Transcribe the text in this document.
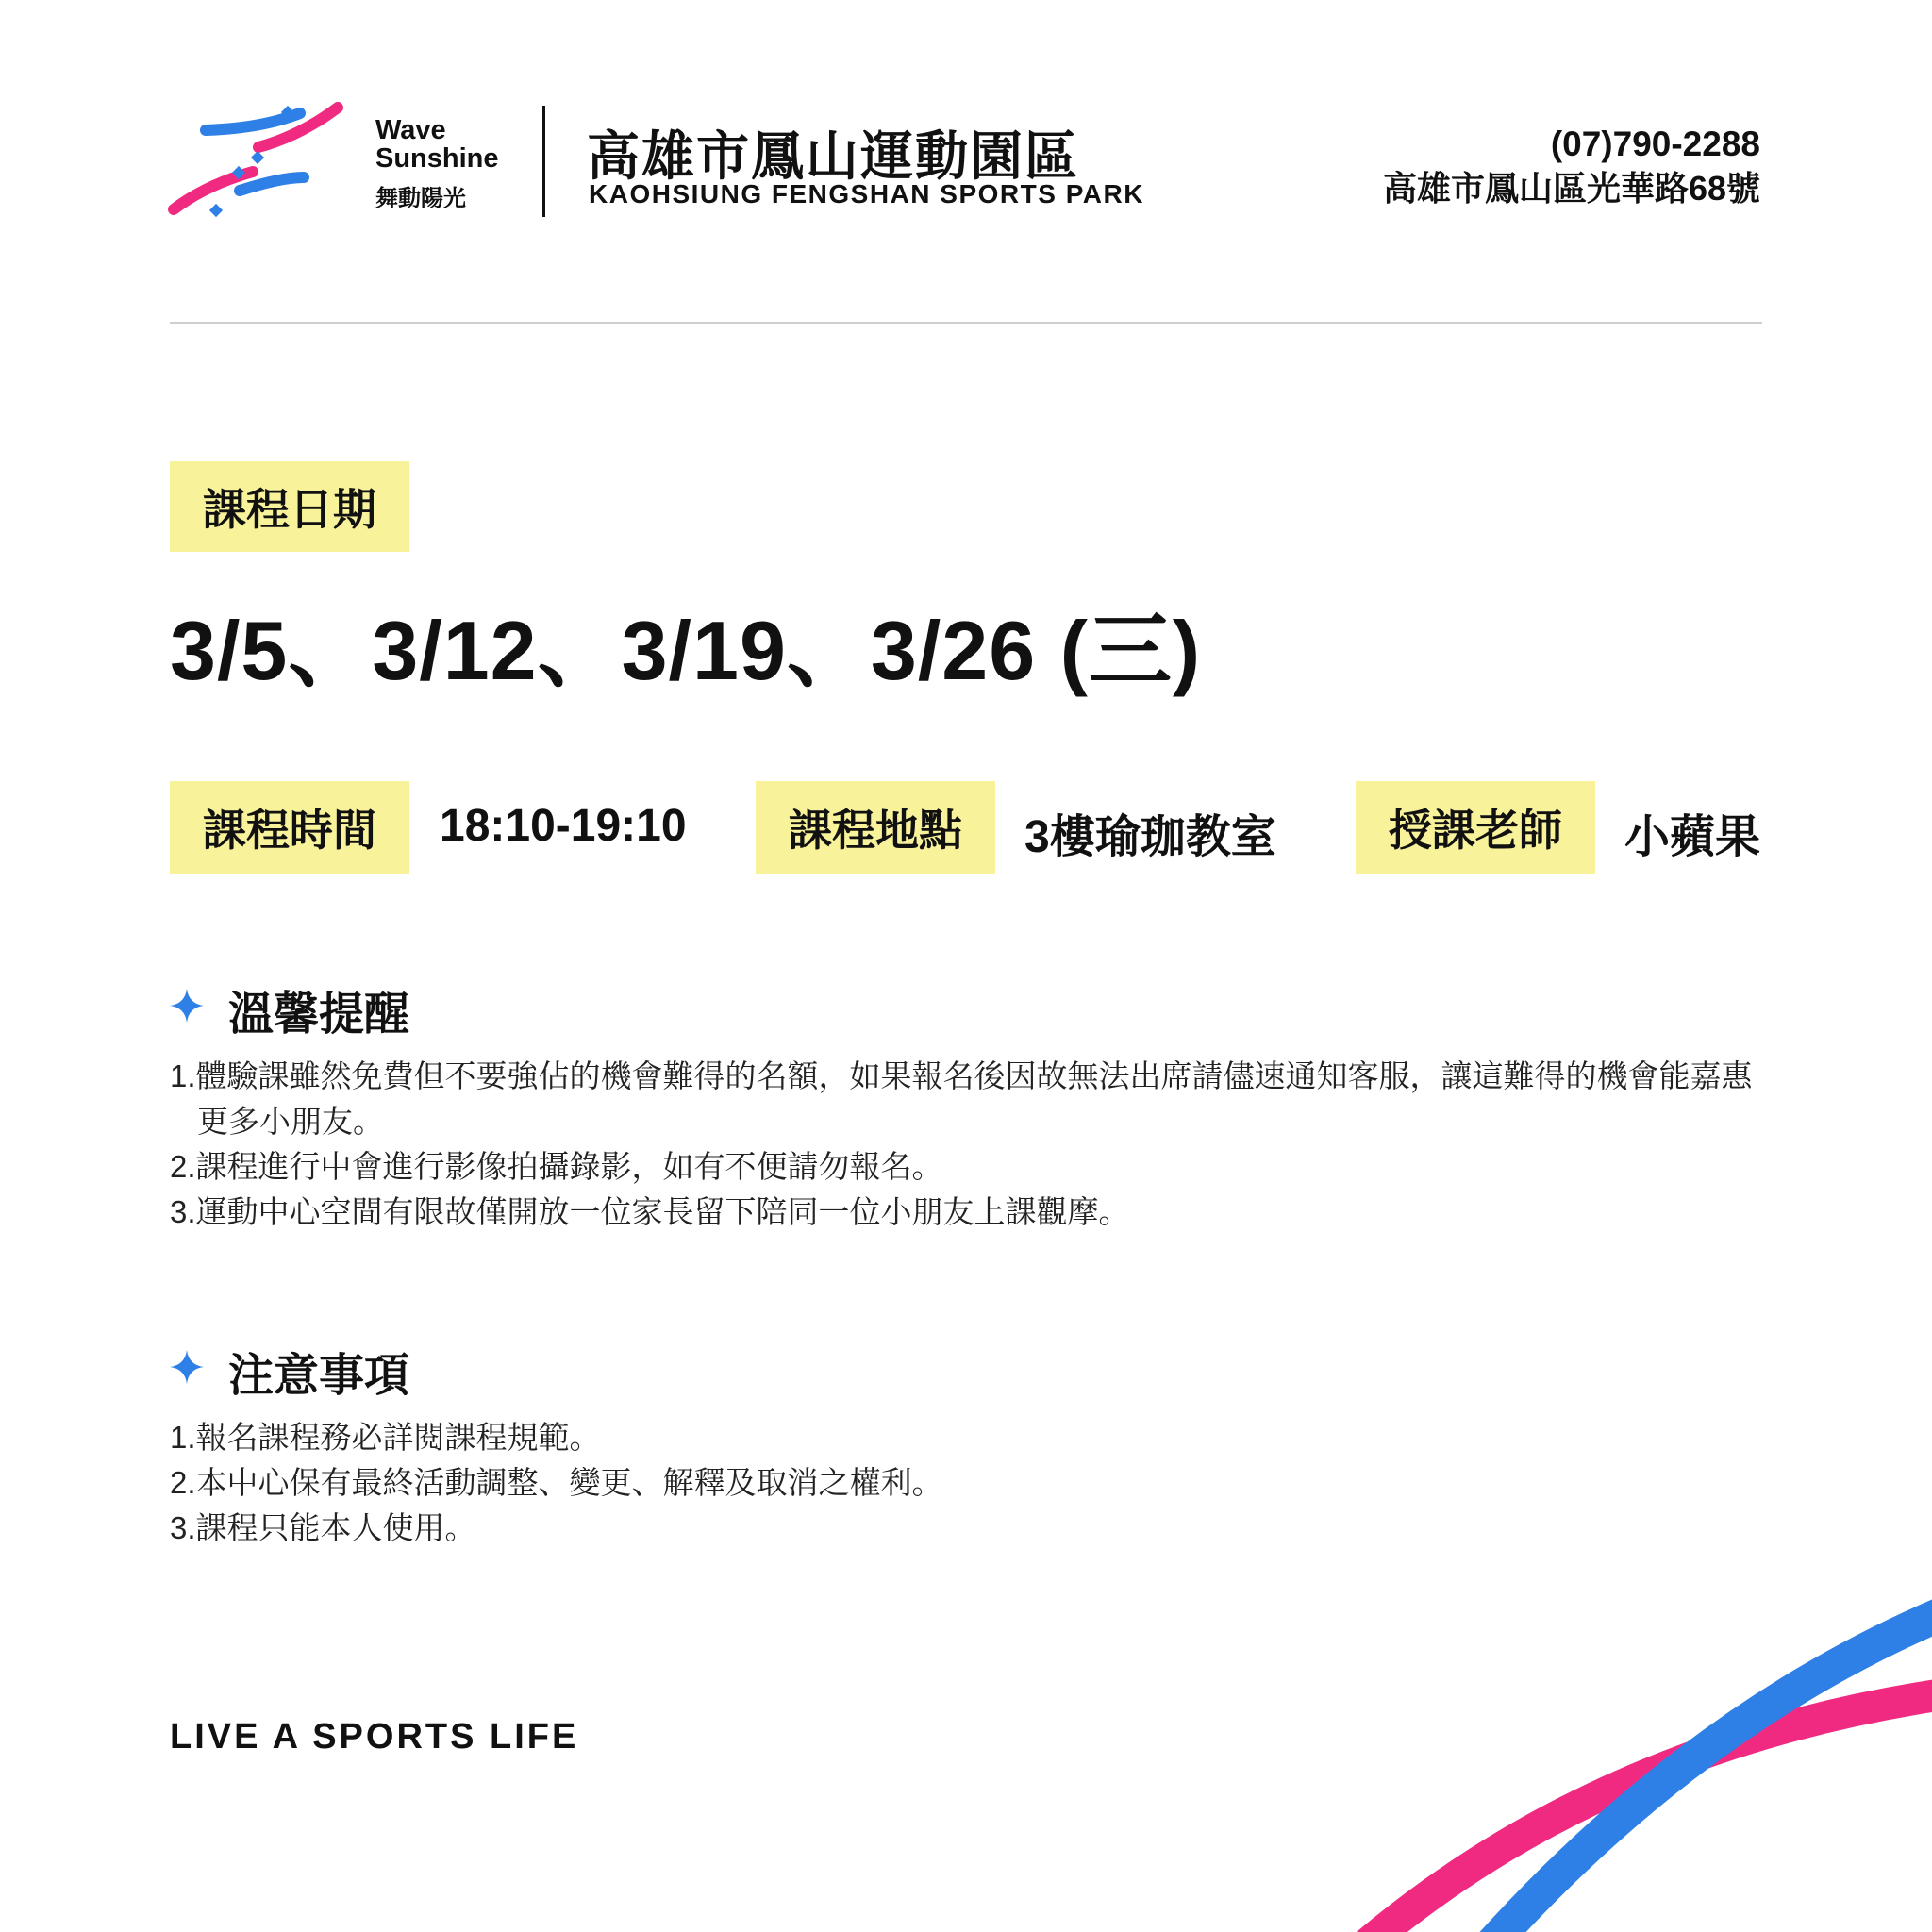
Wave
Sunshine
舞動陽光
高雄市鳳山運動園區
KAOHSIUNG FENGSHAN SPORTS PARK
(07)790-2288
高雄市鳳山區光華路68號
課程日期
3/5、3/12、3/19、3/26 (三)
課程時間	18:10-19:10	課程地點	3樓瑜珈教室	授課老師	小蘋果
溫馨提醒

1.體驗課雖然免費但不要強佔的機會難得的名額，如果報名後因故無法出席請儘速通知客服，讓這難得的機會能嘉惠更多小朋友。

2.課程進行中會進行影像拍攝錄影，如有不便請勿報名。

3.運動中心空間有限故僅開放一位家長留下陪同一位小朋友上課觀摩。

注意事項

1.報名課程務必詳閱課程規範。

2.本中心保有最終活動調整、變更、解釋及取消之權利。

3.課程只能本人使用。

LIVE A SPORTS LIFE
